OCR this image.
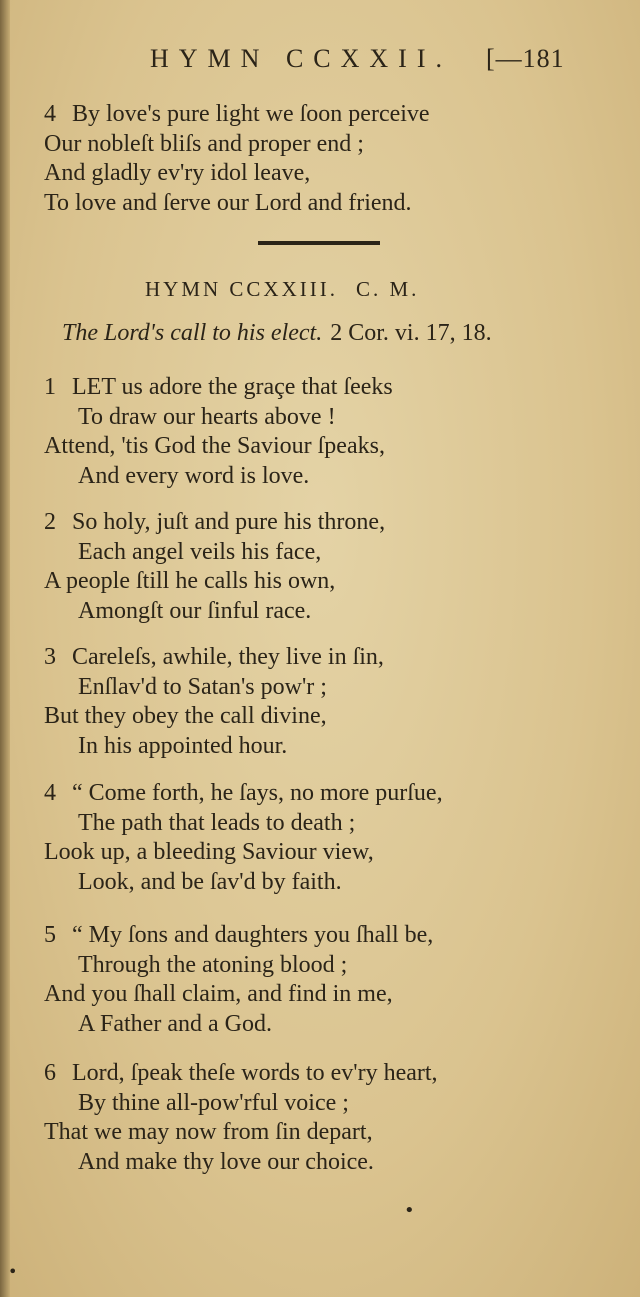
HYMN CCXXII. [—181
4 By love's pure light we ſoon perceive
Our nobleſt bliſs and proper end ;
And gladly ev'ry idol leave,
To love and ſerve our Lord and friend.
HYMN CCXXIII. C. M.
The Lord's call to his elect. 2 Cor. vi. 17, 18.
1 LET us adore the graçe that ſeeks
To draw our hearts above !
Attend, 'tis God the Saviour ſpeaks,
And every word is love.
2 So holy, juſt and pure his throne,
Each angel veils his face,
A people ſtill he calls his own,
Amongſt our ſinful race.
3 Careleſs, awhile, they live in ſin,
Enſlav'd to Satan's pow'r ;
But they obey the call divine,
In his appointed hour.
4 “ Come forth, he ſays, no more purſue,
The path that leads to death ;
Look up, a bleeding Saviour view,
Look, and be ſav'd by faith.
5 “ My ſons and daughters you ſhall be,
Through the atoning blood ;
And you ſhall claim, and find in me,
A Father and a God.
6 Lord, ſpeak theſe words to ev'ry heart,
By thine all-pow'rful voice ;
That we may now from ſin depart,
And make thy love our choice.
•
•
